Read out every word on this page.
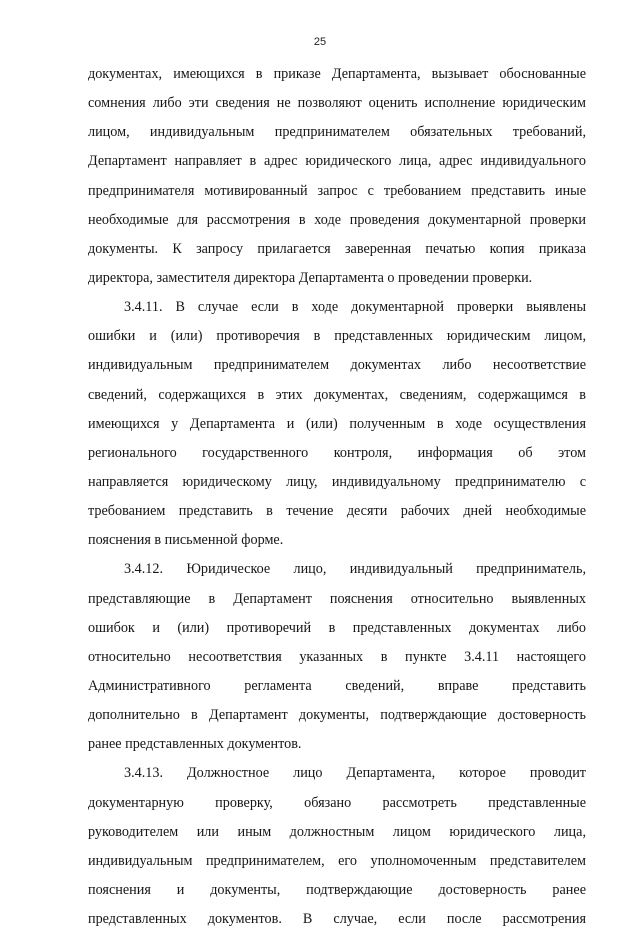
25
документах, имеющихся в приказе Департамента, вызывает обоснованные
сомнения либо эти сведения не позволяют оценить исполнение юридическим
лицом, индивидуальным предпринимателем обязательных требований,
Департамент направляет в адрес юридического лица, адрес индивидуального
предпринимателя мотивированный запрос с требованием представить иные
необходимые для рассмотрения в ходе проведения документарной проверки
документы. К запросу прилагается заверенная печатью копия приказа
директора, заместителя директора Департамента о проведении проверки.
3.4.11. В случае если в ходе документарной проверки выявлены
ошибки и (или) противоречия в представленных юридическим лицом,
индивидуальным предпринимателем документах либо несоответствие
сведений, содержащихся в этих документах, сведениям, содержащимся в
имеющихся у Департамента и (или) полученным в ходе осуществления
регионального государственного контроля, информация об этом
направляется юридическому лицу, индивидуальному предпринимателю с
требованием представить в течение десяти рабочих дней необходимые
пояснения в письменной форме.
3.4.12. Юридическое лицо, индивидуальный предприниматель,
представляющие в Департамент пояснения относительно выявленных
ошибок и (или) противоречий в представленных документах либо
относительно несоответствия указанных в пункте 3.4.11 настоящего
Административного регламента сведений, вправе представить
дополнительно в Департамент документы, подтверждающие достоверность
ранее представленных документов.
3.4.13. Должностное лицо Департамента, которое проводит
документарную проверку, обязано рассмотреть представленные
руководителем или иным должностным лицом юридического лица,
индивидуальным предпринимателем, его уполномоченным представителем
пояснения и документы, подтверждающие достоверность ранее
представленных документов. В случае, если после рассмотрения
